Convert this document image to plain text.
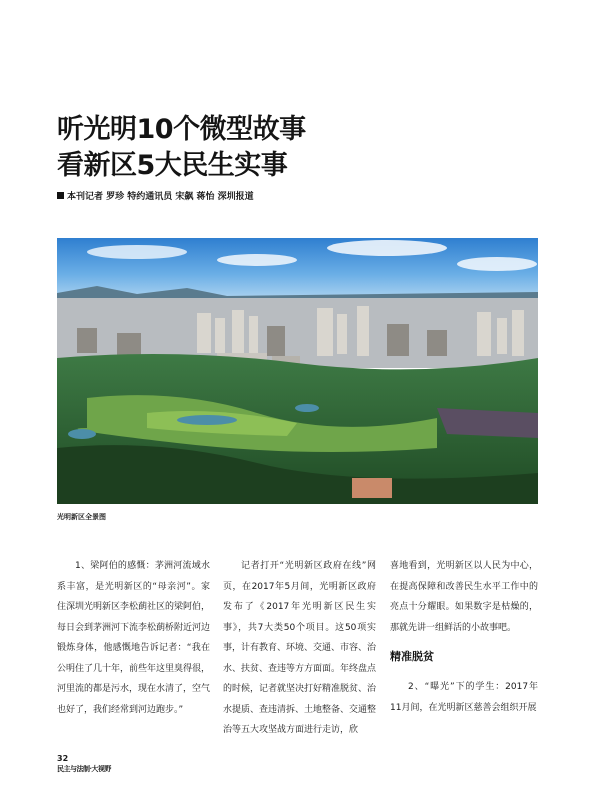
听光明10个微型故事
看新区5大民生实事
本刊记者 罗珍 特约通讯员 宋飙 蒋怡 深圳报道
光明新区全景图

1、梁阿伯的感慨：茅洲河流域水系丰富，是光明新区的“母亲河”。家住深圳光明新区李松蓢社区的梁阿伯，每日会到茅洲河下流李松蓢桥附近河边锻炼身体，他感慨地告诉记者：“我在公明住了几十年，前些年这里臭得很，河里流的都是污水，现在水清了，空气也好了，我们经常到河边跑步。”

记者打开“光明新区政府在线”网页，在2017年5月间，光明新区政府发布了《2017年光明新区民生实事》，共7大类50个项目。这50项实事，计有教育、环境、交通、市容、治水、扶贫、查违等方方面面。年终盘点的时候，记者就坚决打好精准脱贫、治水提质、查违清拆、土地整备、交通整治等五大攻坚战方面进行走访，欣

喜地看到，光明新区以人民为中心，在提高保障和改善民生水平工作中的亮点十分耀眼。如果数字是枯燥的，那就先讲一组鲜活的小故事吧。

精准脱贫

2、“曝光”下的学生：2017年11月间，在光明新区慈善会组织开展

32
民主与法制·大视野
